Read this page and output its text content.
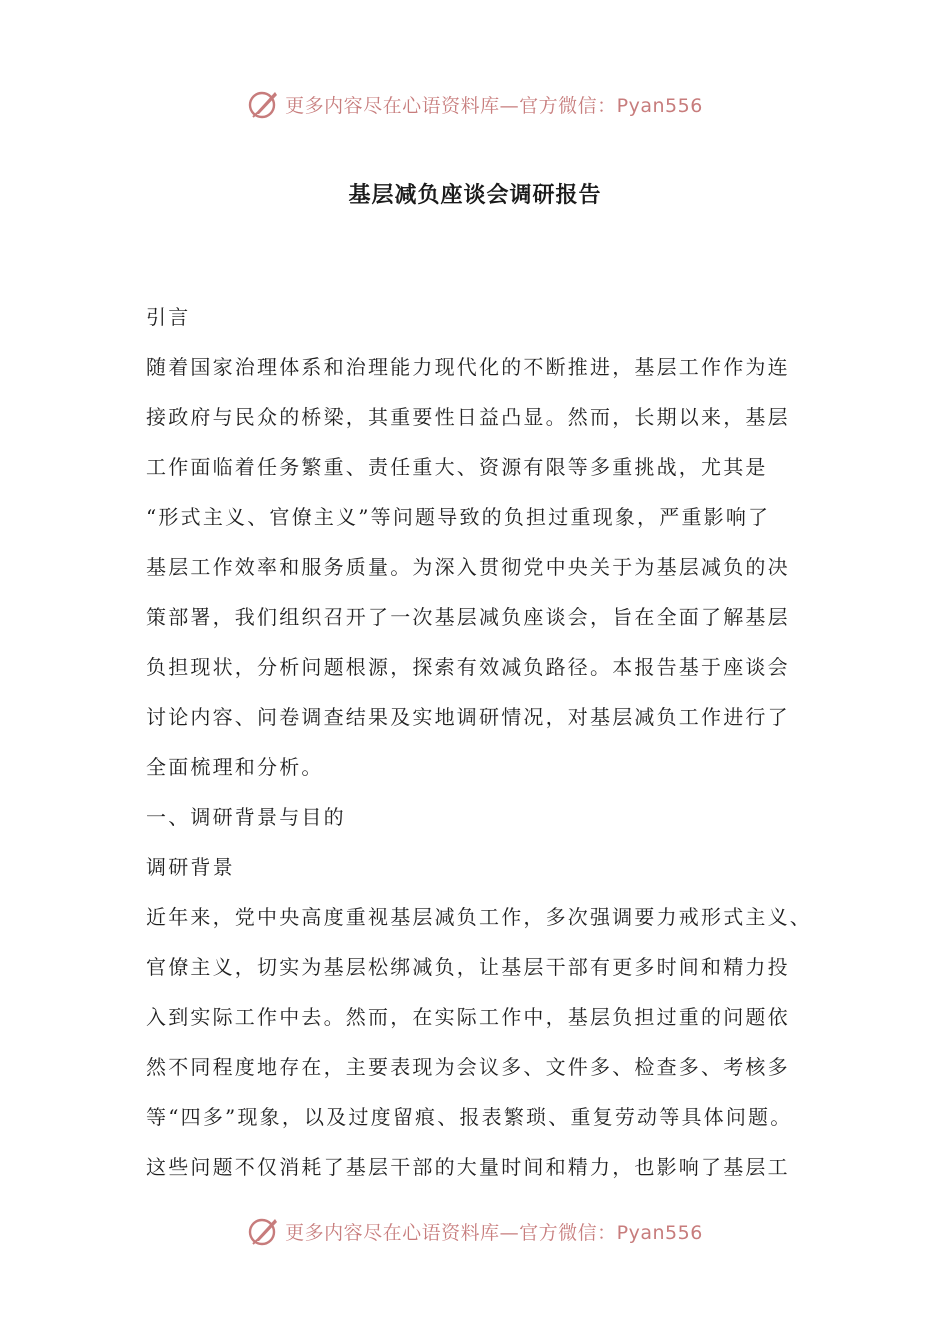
更多内容尽在心语资料库—官方微信：Pyan556
基层减负座谈会调研报告
引言
随着国家治理体系和治理能力现代化的不断推进，基层工作作为连
接政府与民众的桥梁，其重要性日益凸显。然而，长期以来，基层
工作面临着任务繁重、责任重大、资源有限等多重挑战，尤其是
“形式主义、官僚主义”等问题导致的负担过重现象，严重影响了
基层工作效率和服务质量。为深入贯彻党中央关于为基层减负的决
策部署，我们组织召开了一次基层减负座谈会，旨在全面了解基层
负担现状，分析问题根源，探索有效减负路径。本报告基于座谈会
讨论内容、问卷调查结果及实地调研情况，对基层减负工作进行了
全面梳理和分析。
一、调研背景与目的
调研背景
近年来，党中央高度重视基层减负工作，多次强调要力戒形式主义、
官僚主义，切实为基层松绑减负，让基层干部有更多时间和精力投
入到实际工作中去。然而，在实际工作中，基层负担过重的问题依
然不同程度地存在，主要表现为会议多、文件多、检查多、考核多
等“四多”现象，以及过度留痕、报表繁琐、重复劳动等具体问题。
这些问题不仅消耗了基层干部的大量时间和精力，也影响了基层工
更多内容尽在心语资料库—官方微信：Pyan556
